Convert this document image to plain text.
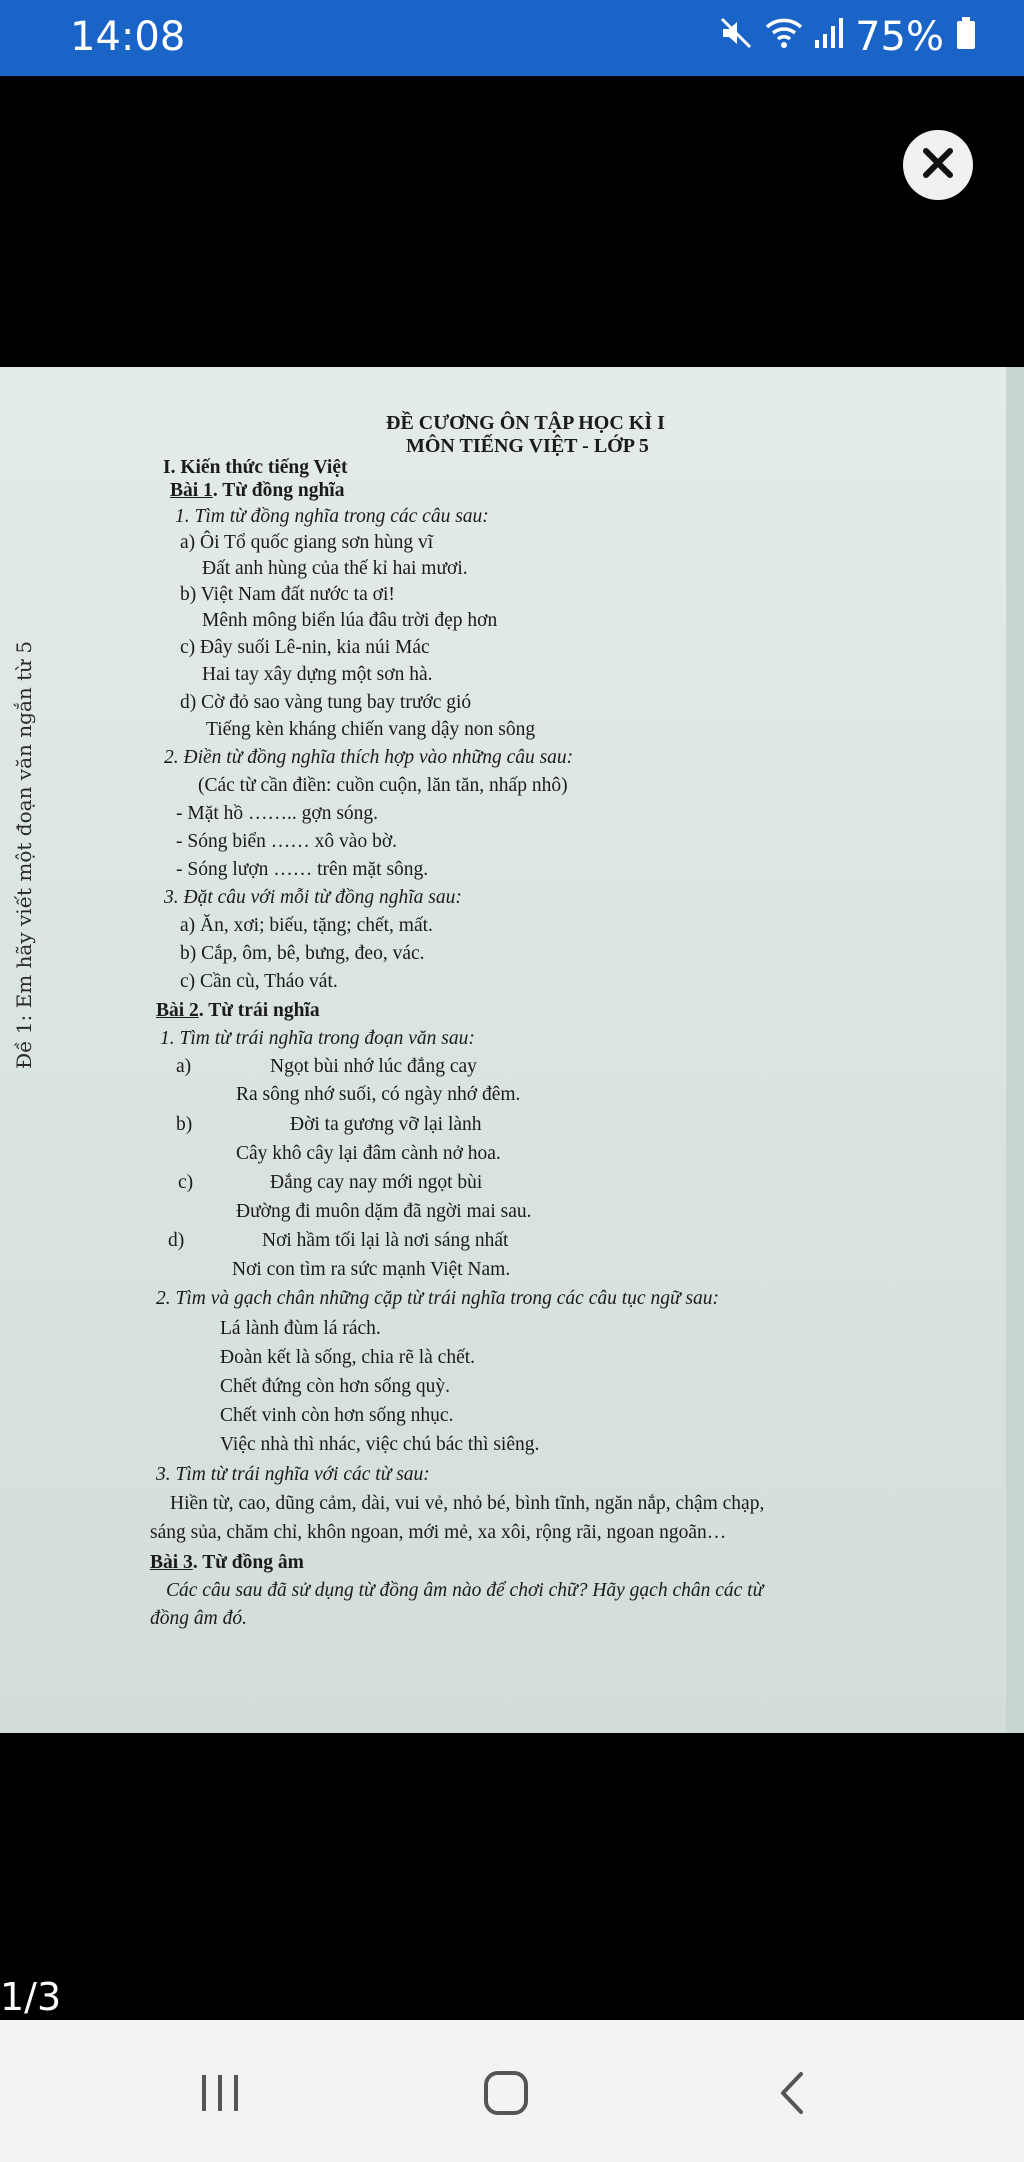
14:08	75%
Đề 1: Em hãy viết một đoạn văn ngắn từ 5
ĐỀ CƯƠNG ÔN TẬP HỌC KÌ I
MÔN TIẾNG VIỆT - LỚP 5
I. Kiến thức tiếng Việt
Bài 1. Từ đồng nghĩa
1. Tìm từ đồng nghĩa trong các câu sau:
a) Ôi Tổ quốc giang sơn hùng vĩ
Đất anh hùng của thế kỉ hai mươi.
b) Việt Nam đất nước ta ơi!
Mênh mông biển lúa đâu trời đẹp hơn
c) Đây suối Lê-nin, kia núi Mác
Hai tay xây dựng một sơn hà.
d) Cờ đỏ sao vàng tung bay trước gió
Tiếng kèn kháng chiến vang dậy non sông
2. Điền từ đồng nghĩa thích hợp vào những câu sau:
(Các từ cần điền: cuồn cuộn, lăn tăn, nhấp nhô)
- Mặt hồ …….. gợn sóng.
- Sóng biển …… xô vào bờ.
- Sóng lượn …… trên mặt sông.
3. Đặt câu với mỗi từ đồng nghĩa sau:
a) Ăn, xơi; biếu, tặng; chết, mất.
b) Cắp, ôm, bê, bưng, đeo, vác.
c) Cần cù, Tháo vát.
Bài 2. Từ trái nghĩa
1. Tìm từ trái nghĩa trong đoạn văn sau:
a)	Ngọt bùi nhớ lúc đắng cay
Ra sông nhớ suối, có ngày nhớ đêm.
b)	Đời ta gương vỡ lại lành
Cây khô cây lại đâm cành nở hoa.
c)	Đắng cay nay mới ngọt bùi
Đường đi muôn dặm đã ngời mai sau.
d)	Nơi hầm tối lại là nơi sáng nhất
Nơi con tìm ra sức mạnh Việt Nam.
2. Tìm và gạch chân những cặp từ trái nghĩa trong các câu tục ngữ sau:
Lá lành đùm lá rách.
Đoàn kết là sống, chia rẽ là chết.
Chết đứng còn hơn sống quỳ.
Chết vinh còn hơn sống nhục.
Việc nhà thì nhác, việc chú bác thì siêng.
3. Tìm từ trái nghĩa với các từ sau:
Hiền từ, cao, dũng cảm, dài, vui vẻ, nhỏ bé, bình tĩnh, ngăn nắp, chậm chạp,
sáng sủa, chăm chỉ, khôn ngoan, mới mẻ, xa xôi, rộng rãi, ngoan ngoãn…
Bài 3. Từ đồng âm
Các câu sau đã sử dụng từ đồng âm nào để chơi chữ? Hãy gạch chân các từ
đồng âm đó.
1/3
